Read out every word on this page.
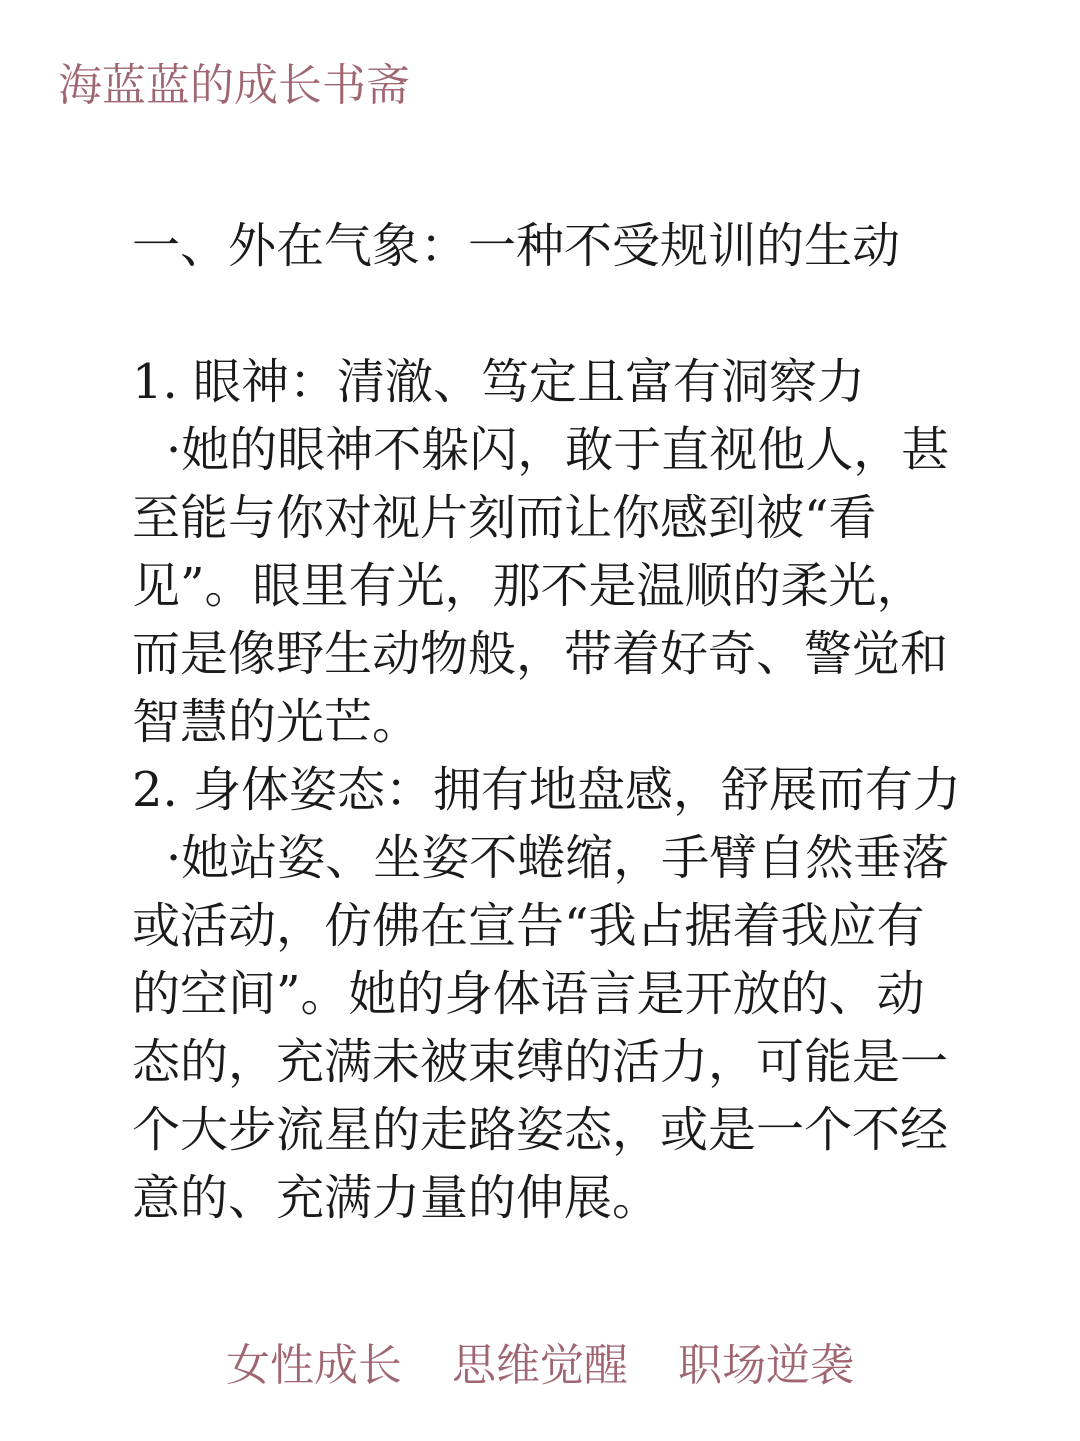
海蓝蓝的成长书斋

一、外在气象：一种不受规训的生动

1. 眼神：清澈、笃定且富有洞察力

·她的眼神不躲闪，敢于直视他人，甚至能与你对视片刻而让你感到被“看见”。眼里有光，那不是温顺的柔光，而是像野生动物般，带着好奇、警觉和智慧的光芒。

2. 身体姿态：拥有地盘感，舒展而有力

·她站姿、坐姿不蜷缩，手臂自然垂落或活动，仿佛在宣告“我占据着我应有的空间”。她的身体语言是开放的、动态的，充满未被束缚的活力，可能是一个大步流星的走路姿态，或是一个不经意的、充满力量的伸展。

女性成长 思维觉醒 职场逆袭
